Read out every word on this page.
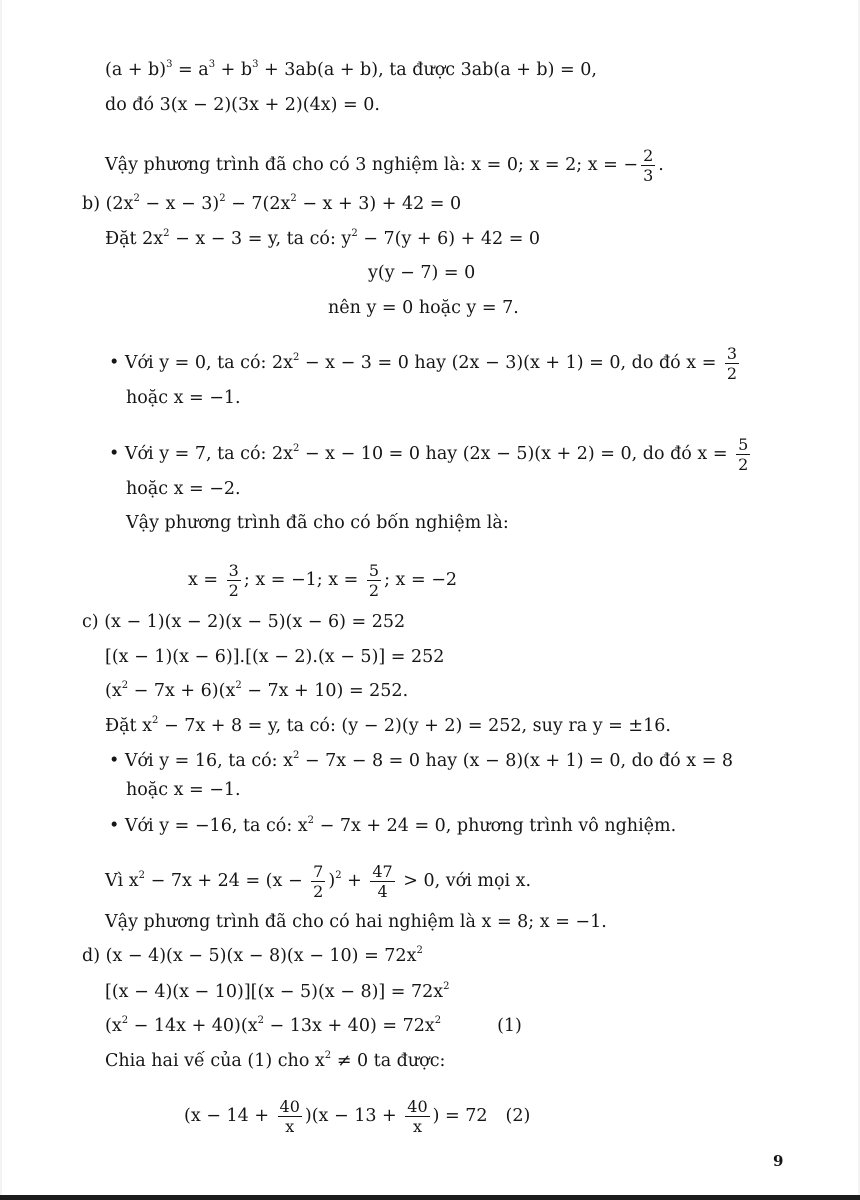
$(a + b)^3 = a^3 + b^3 + 3ab(a + b)$, ta được 3ab(a + b) = 0,
do đó 3(x − 2)(3x + 2)(4x) = 0.
Vậy phương trình đã cho có 3 nghiệm là: x = 0; x = 2; x = − $\frac{2}{3}$ .
b) $(2x^2 - x - 3)^2 - 7(2x^2 - x + 3) + 42 = 0$
Đặt $2x^2 - x - 3 = y$, ta có: $y^2 - 7(y + 6) + 42 = 0$
y(y − 7) = 0
nên y = 0 hoặc y = 7.
• Với y = 0, ta có: $2x^2 - x - 3 = 0$ hay (2x − 3)(x + 1) = 0, do đó $x = \frac{3}{2}$
hoặc x = −1.
• Với y = 7, ta có: $2x^2 - x - 10 = 0$ hay (2x − 5)(x + 2) = 0, do đó $x = \frac{5}{2}$
hoặc x = −2.
Vậy phương trình đã cho có bốn nghiệm là:
$x = \frac{3}{2}$ ; x = −1; $x = \frac{5}{2}$ ; x = −2
c) (x − 1)(x − 2)(x − 5)(x − 6) = 252
[(x − 1)(x − 6)].[(x − 2).(x − 5)] = 252
$(x^2 - 7x + 6)(x^2 - 7x + 10) = 252$.
Đặt $x^2 - 7x + 8 = y$, ta có: (y − 2)(y + 2) = 252, suy ra y = ±16.
• Với y = 16, ta có: $x^2 - 7x - 8 = 0$ hay (x − 8)(x + 1) = 0, do đó x = 8
hoặc x = −1.
• Với y = −16, ta có: $x^2 - 7x + 24 = 0$, phương trình vô nghiệm.
Vì $x^2 - 7x + 24 = (x - \frac{7}{2} )^2 + \frac{47}{4} > 0$, với mọi x.
Vậy phương trình đã cho có hai nghiệm là x = 8; x = −1.
d) $(x - 4)(x - 5)(x - 8)(x - 10) = 72x^2$
$[(x - 4)(x - 10)][(x - 5)(x - 8)] = 72x^2$
$(x^2 - 14x + 40)(x^2 - 13x + 40) = 72x^2$	(1)
Chia hai vế của (1) cho $x^2 \ne 0$ ta được:
$(x - 14 + \frac{40}{x} )(x - 13 + \frac{40}{x}$ ) = 72 (2)
9
